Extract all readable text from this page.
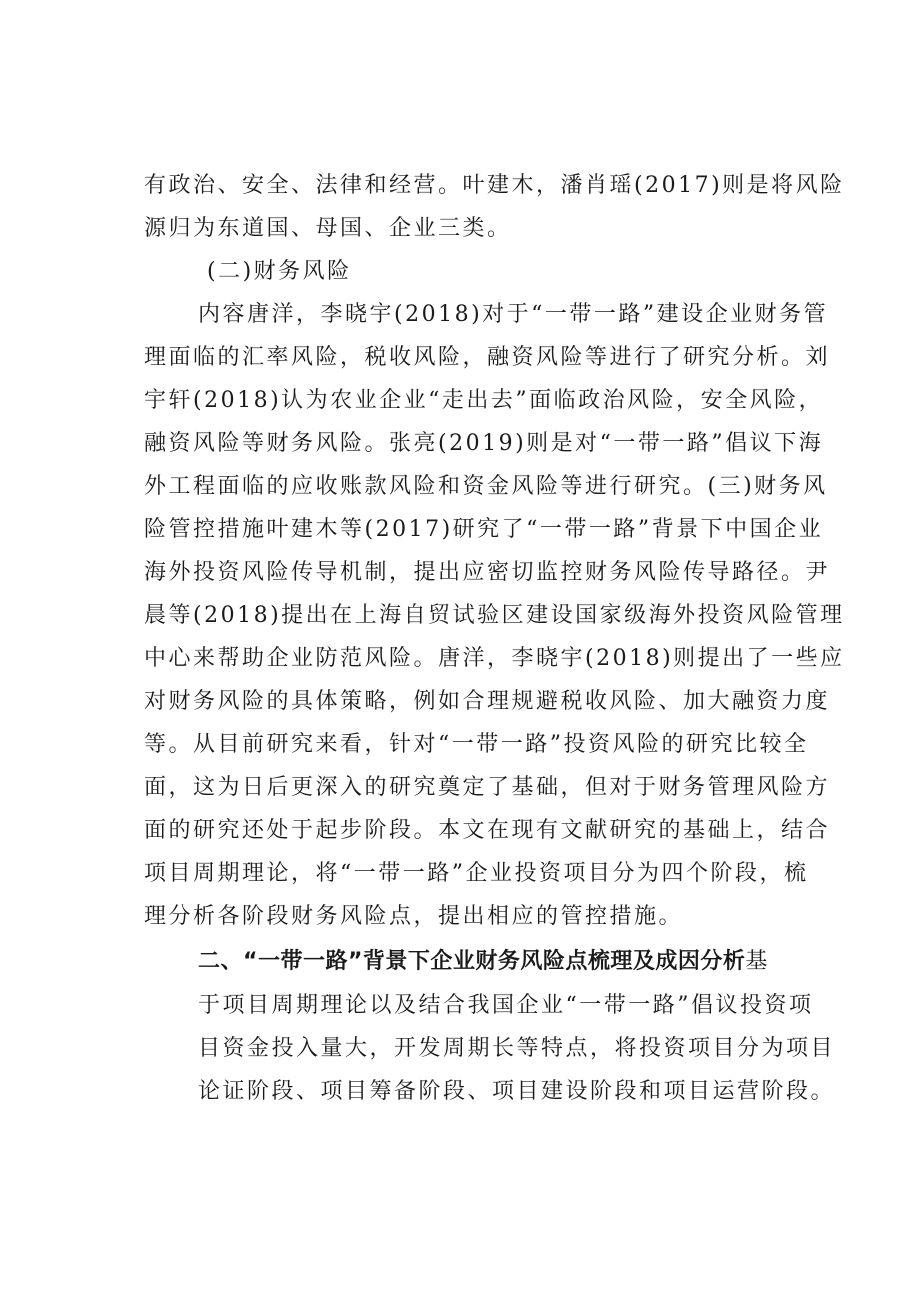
有政治、安全、法律和经营。叶建木，潘肖瑶(2017)则是将风险
源归为东道国、母国、企业三类。
(二)财务风险
内容唐洋，李晓宇(2018)对于“一带一路”建设企业财务管
理面临的汇率风险，税收风险，融资风险等进行了研究分析。刘
宇轩(2018)认为农业企业“走出去”面临政治风险，安全风险，
融资风险等财务风险。张亮(2019)则是对“一带一路”倡议下海
外工程面临的应收账款风险和资金风险等进行研究。(三)财务风
险管控措施叶建木等(2017)研究了“一带一路”背景下中国企业
海外投资风险传导机制，提出应密切监控财务风险传导路径。尹
晨等(2018)提出在上海自贸试验区建设国家级海外投资风险管理
中心来帮助企业防范风险。唐洋，李晓宇(2018)则提出了一些应
对财务风险的具体策略，例如合理规避税收风险、加大融资力度
等。从目前研究来看，针对“一带一路”投资风险的研究比较全
面，这为日后更深入的研究奠定了基础，但对于财务管理风险方
面的研究还处于起步阶段。本文在现有文献研究的基础上，结合
项目周期理论，将“一带一路”企业投资项目分为四个阶段，梳
理分析各阶段财务风险点，提出相应的管控措施。
二、“一带一路”背景下企业财务风险点梳理及成因分析基
于项目周期理论以及结合我国企业“一带一路”倡议投资项
目资金投入量大，开发周期长等特点，将投资项目分为项目
论证阶段、项目筹备阶段、项目建设阶段和项目运营阶段。
